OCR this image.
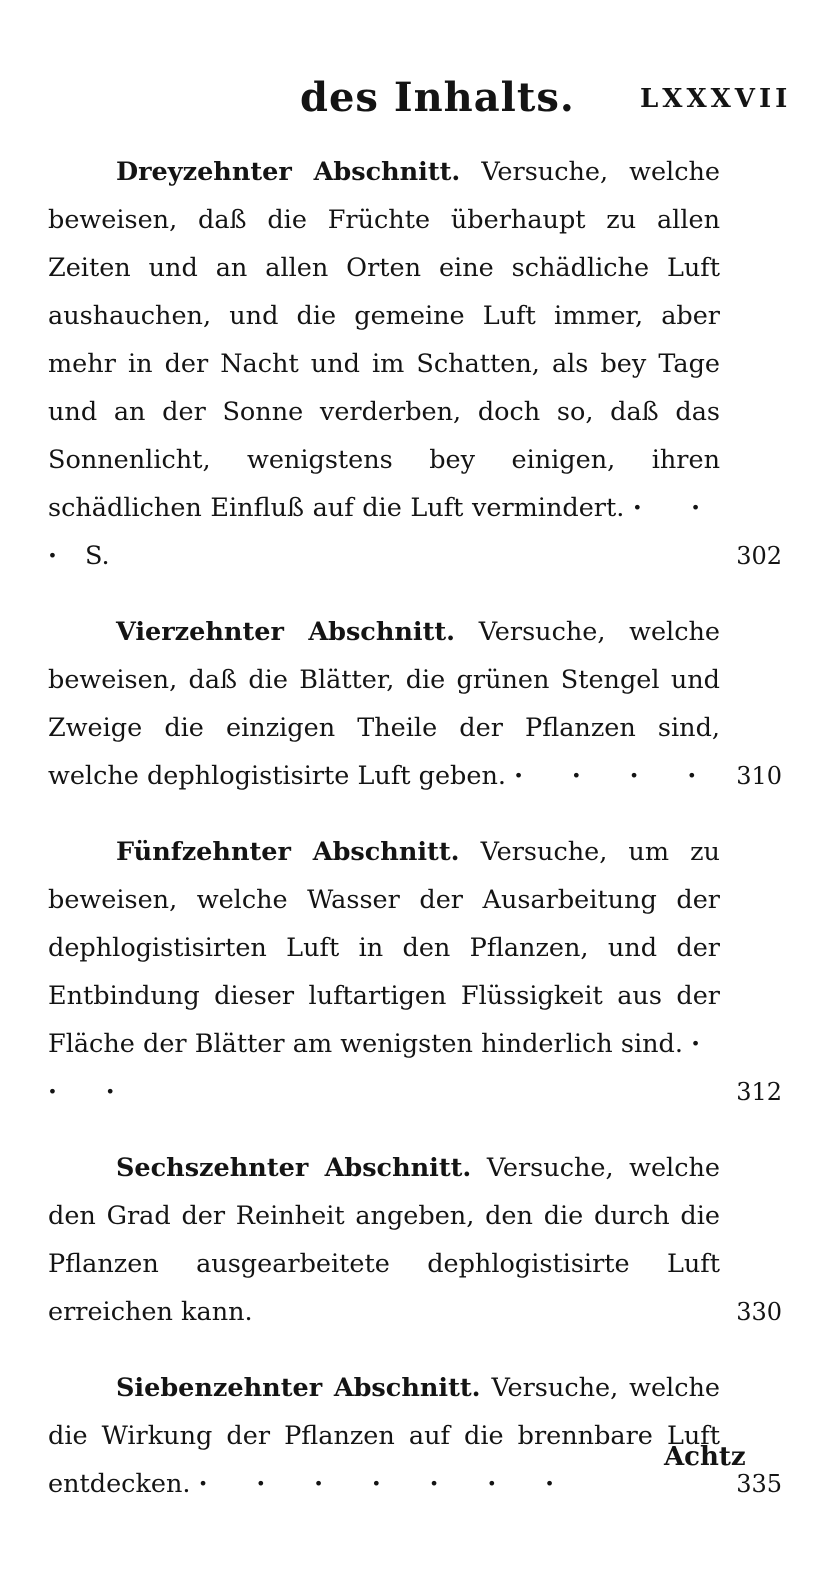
des Inhalts.	LXXXVII
Dreyzehnter Abschnitt. Versuche, welche beweisen, daß die Früchte überhaupt zu allen Zeiten und an allen Orten eine schädliche Luft aushauchen, und die gemeine Luft immer, aber mehr in der Nacht und im Schatten, als bey Tage und an der Sonne verderben, doch so, daß das Sonnenlicht, wenigstens bey einigen, ihren schädlichen Einfluß auf die Luft vermindert. · · · S.	302
Vierzehnter Abschnitt. Versuche, welche beweisen, daß die Blätter, die grünen Stengel und Zweige die einzigen Theile der Pflanzen sind, welche dephlogistisirte Luft geben. · · · · 310
Fünfzehnter Abschnitt. Versuche, um zu beweisen, welche Wasser der Ausarbeitung der dephlogistisirten Luft in den Pflanzen, und der Entbindung dieser luftartigen Flüssigkeit aus der Fläche der Blätter am wenigsten hinderlich sind. · · ·	312
Sechszehnter Abschnitt. Versuche, welche den Grad der Reinheit angeben, den die durch die Pflanzen ausgearbeitete dephlogistisirte Luft erreichen kann.	330
Siebenzehnter Abschnitt. Versuche, welche die Wirkung der Pflanzen auf die brennbare Luft entdecken. · · · · · · ·	335
Achtz
